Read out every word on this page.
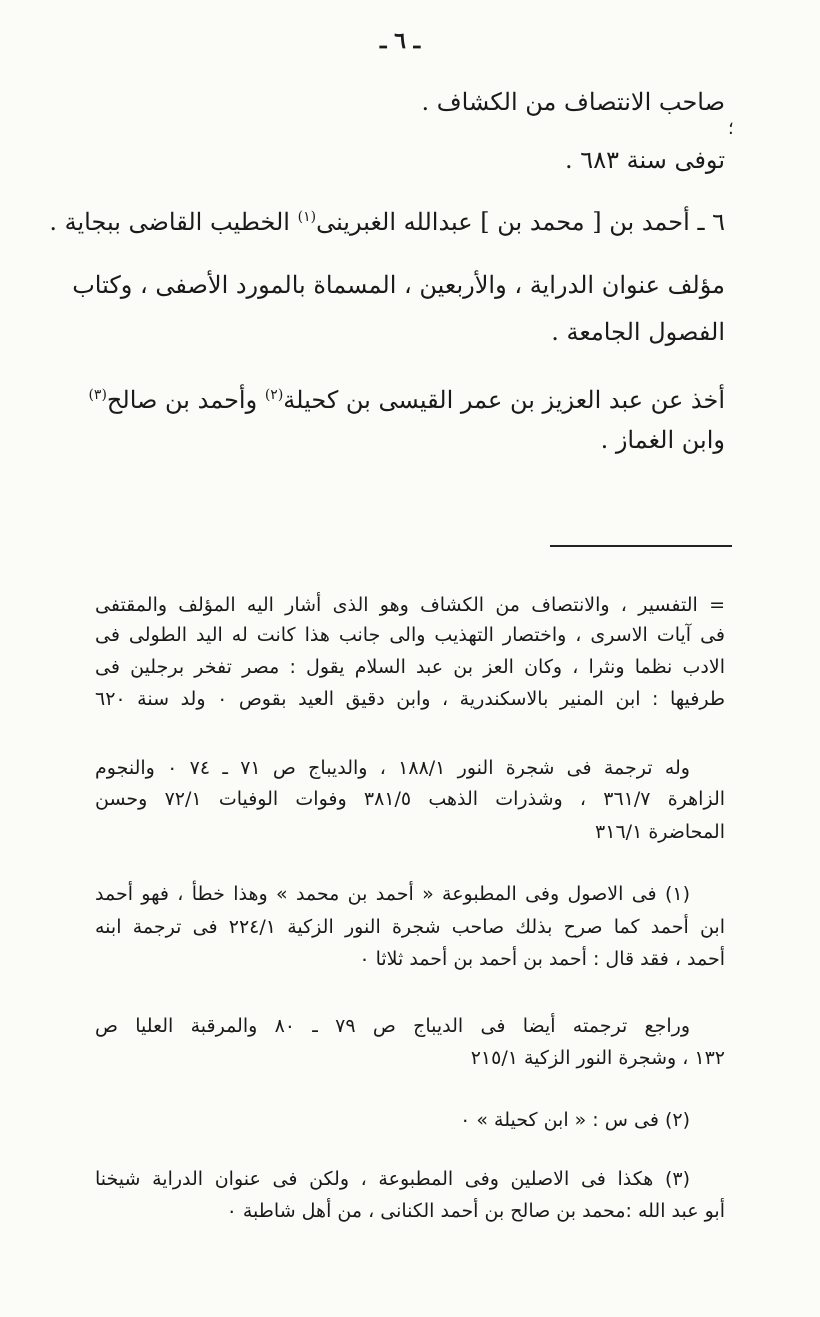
ـ ٦ ـ
؛
صاحب الانتصاف من الكشاف .
توفى سنة ٦٨٣ .
٦ ـ أحمد بن [ محمد بن ] عبدالله الغبرينى$^{(١)}$ الخطيب القاضى ببجاية .
مؤلف عنوان الدراية ، والأربعين ، المسماة بالمورد الأصفى ، وكتاب
الفصول الجامعة .
أخذ عن عبد العزيز بن عمر القيسى بن كحيلة$^{(٢)}$ وأحمد بن صالح$^{(٣)}$
وابن الغماز .
= التفسير ، والانتصاف من الكشاف وهو الذى أشار اليه المؤلف والمقتفى
فى آيات الاسرى ، واختصار التهذيب والى جانب هذا كانت له اليد الطولى فى
الادب نظما ونثرا ، وكان العز بن عبد السلام يقول : مصر تفخر برجلين فى
طرفيها : ابن المنير بالاسكندرية ، وابن دقيق العيد بقوص ٠ ولد سنة ٦٢٠
وله ترجمة فى شجرة النور ١٨٨/١ ، والديباج ص ٧١ ـ ٧٤ ٠ والنجوم
الزاهرة ٣٦١/٧ ، وشذرات الذهب ٣٨١/٥ وفوات الوفيات ٧٢/١ وحسن
المحاضرة ٣١٦/١
(١) فى الاصول وفى المطبوعة « أحمد بن محمد » وهذا خطأ ، فهو أحمد
ابن أحمد كما صرح بذلك صاحب شجرة النور الزكية ٢٢٤/١ فى ترجمة ابنه
أحمد ، فقد قال : أحمد بن أحمد بن أحمد ثلاثا ٠
وراجع ترجمته أيضا فى الديباج ص ٧٩ ـ ٨٠ والمرقبة العليا ص
١٣٢ ، وشجرة النور الزكية ٢١٥/١
(٢) فى س : « ابن كحيلة » ٠
(٣) هكذا فى الاصلين وفى المطبوعة ، ولكن فى عنوان الدراية شيخنا
أبو عبد الله :محمد بن صالح بن أحمد الكنانى ، من أهل شاطبة ٠
